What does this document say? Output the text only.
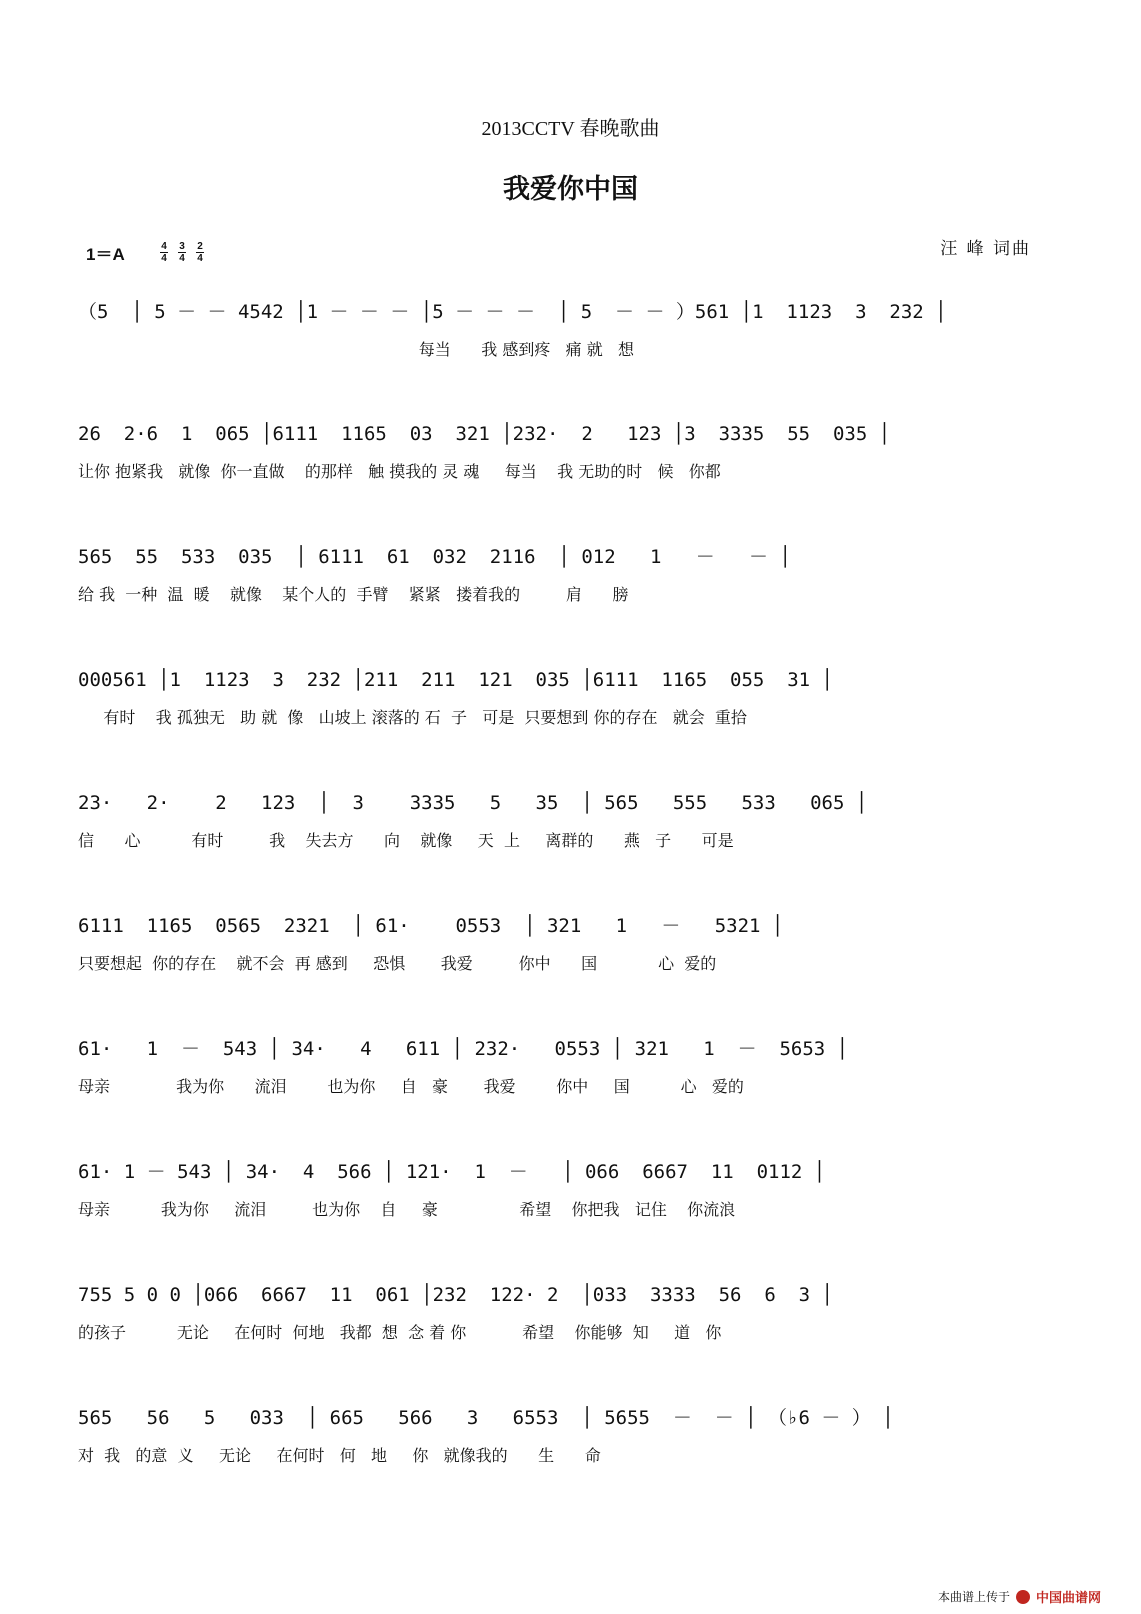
2013CCTV 春晚歌曲
我爱你中国
1＝A	4
4
3
4
2
4	汪 峰 词曲
（5  │ 5 － － 4542 │1 － － － │5 － － －  │ 5  － － ）561 │1  1123  3  232 │
每当      我 感到疼   痛 就   想
26  2·6  1  065 │6111  1165  03  321 │232·  2   123 │3  3335  55  035 │
让你 抱紧我   就像  你一直做    的那样   触 摸我的 灵 魂     每当    我 无助的时   候   你都
565  55  533  035  │ 6111  61  032  2116  │ 012   1   －   － │
给 我  一种  温  暖    就像    某个人的  手臂    紧紧   搂着我的         肩      膀
000561 │1  1123  3  232 │211  211  121  035 │6111  1165  055  31 │
有时    我 孤独无   助 就  像   山坡上 滚落的 石  子   可是  只要想到 你的存在   就会  重拾
23·   2·    2   123  │  3    3335   5   35  │ 565   555   533   065 │
信      心          有时         我    失去方      向    就像     天  上     离群的      燕   子      可是
6111  1165  0565  2321  │ 61·    0553  │ 321   1   －   5321 │
只要想起  你的存在    就不会  再 感到     恐惧       我爱         你中      国            心  爱的
61·   1  －  543 │ 34·   4   611 │ 232·   0553 │ 321   1  －  5653 │
母亲             我为你      流泪        也为你     自   豪       我爱        你中     国          心   爱的
61· 1 － 543 │ 34·  4  566 │ 121·  1  －   │ 066  6667  11  0112 │
母亲          我为你     流泪         也为你    自     豪                希望    你把我   记住    你流浪
755 5 0 0 │066  6667  11  061 │232  122· 2  │033  3333  56  6  3 │
的孩子          无论     在何时  何地   我都  想  念 着 你           希望    你能够  知     道   你
565   56   5   033  │ 665   566   3   6553  │ 5655  －  － │ （♭6 － ） │
对  我   的意  义     无论     在何时   何   地     你   就像我的      生      命
本曲谱上传于 中国曲谱网
